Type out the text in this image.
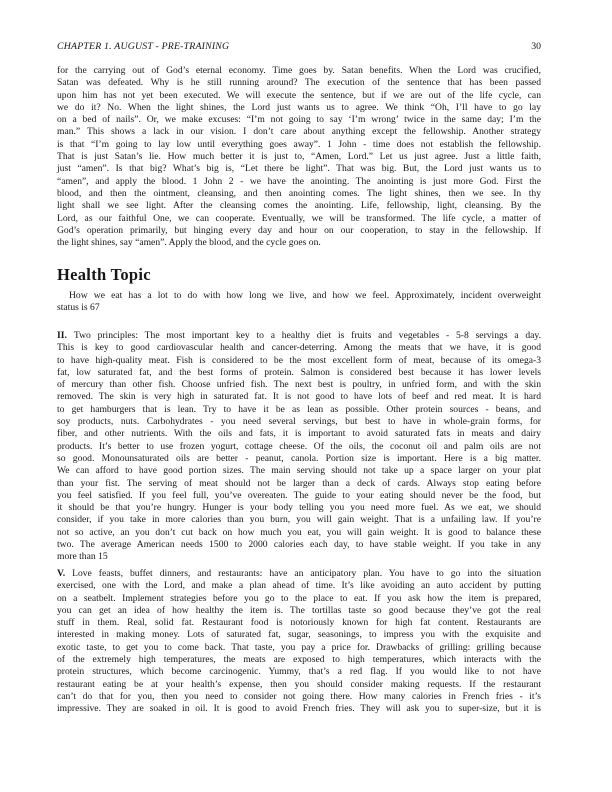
CHAPTER 1. AUGUST - PRE-TRAINING	30
for the carrying out of God’s eternal economy. Time goes by. Satan benefits. When the Lord was crucified,
Satan was defeated. Why is he still running around? The execution of the sentence that has been passed
upon him has not yet been executed. We will execute the sentence, but if we are out of the life cycle, can
we do it? No. When the light shines, the Lord just wants us to agree. We think “Oh, I’ll have to go lay
on a bed of nails”. Or, we make excuses: “I’m not going to say ‘I’m wrong’ twice in the same day; I’m the
man.” This shows a lack in our vision. I don’t care about anything except the fellowship. Another strategy
is that “I’m going to lay low until everything goes away”. 1 John - time does not establish the fellowship.
That is just Satan’s lie. How much better it is just to, “Amen, Lord.” Let us just agree. Just a little faith,
just “amen”. Is that big? What’s big is, “Let there be light”. That was big. But, the Lord just wants us to
“amen”, and apply the blood. 1 John 2 - we have the anointing. The anointing is just more God. First the
blood, and then the ointment, cleansing, and then anointing comes. The light shines, then we see. In thy
light shall we see light. After the cleansing comes the anointing. Life, fellowship, light, cleansing. By the
Lord, as our faithful One, we can cooperate. Eventually, we will be transformed. The life cycle, a matter of
God’s operation primarily, but hinging every day and hour on our cooperation, to stay in the fellowship. If
the light shines, say “amen”. Apply the blood, and the cycle goes on.
Health Topic
How we eat has a lot to do with how long we live, and how we feel. Approximately, incident overweight
status is 67
II. Two principles: The most important key to a healthy diet is fruits and vegetables - 5-8 servings a day.
This is key to good cardiovascular health and cancer-deterring. Among the meats that we have, it is good
to have high-quality meat. Fish is considered to be the most excellent form of meat, because of its omega-3
fat, low saturated fat, and the best forms of protein. Salmon is considered best because it has lower levels
of mercury than other fish. Choose unfried fish. The next best is poultry, in unfried form, and with the skin
removed. The skin is very high in saturated fat. It is not good to have lots of beef and red meat. It is hard
to get hamburgers that is lean. Try to have it be as lean as possible. Other protein sources - beans, and
soy products, nuts. Carbohydrates - you need several servings, but best to have in whole-grain forms, for
fiber, and other nutrients. With the oils and fats, it is important to avoid saturated fats in meats and dairy
products. It’s better to use frozen yogurt, cottage cheese. Of the oils, the coconut oil and palm oils are not
so good. Monounsaturated oils are better - peanut, canola. Portion size is important. Here is a big matter.
We can afford to have good portion sizes. The main serving should not take up a space larger on your plat
than your fist. The serving of meat should not be larger than a deck of cards. Always stop eating before
you feel satisfied. If you feel full, you’ve overeaten. The guide to your eating should never be the food, but
it should be that you’re hungry. Hunger is your body telling you you need more fuel. As we eat, we should
consider, if you take in more calories than you burn, you will gain weight. That is a unfailing law. If you’re
not so active, an you don’t cut back on how much you eat, you will gain weight. It is good to balance these
two. The average American needs 1500 to 2000 calories each day, to have stable weight. If you take in any
more than 15
V. Love feasts, buffet dinners, and restaurants: have an anticipatory plan. You have to go into the situation
exercised, one with the Lord, and make a plan ahead of time. It’s like avoiding an auto accident by putting
on a seatbelt. Implement strategies before you go to the place to eat. If you ask how the item is prepared,
you can get an idea of how healthy the item is. The tortillas taste so good because they’ve got the real
stuff in them. Real, solid fat. Restaurant food is notoriously known for high fat content. Restaurants are
interested in making money. Lots of saturated fat, sugar, seasonings, to impress you with the exquisite and
exotic taste, to get you to come back. That taste, you pay a price for. Drawbacks of grilling: grilling because
of the extremely high temperatures, the meats are exposed to high temperatures, which interacts with the
protein structures, which become carcinogenic. Yummy, that’s a red flag. If you would like to not have
restaurant eating be at your health’s expense, then you should consider making requests. If the restaurant
can’t do that for you, then you need to consider not going there. How many calories in French fries - it’s
impressive. They are soaked in oil. It is good to avoid French fries. They will ask you to super-size, but it is
